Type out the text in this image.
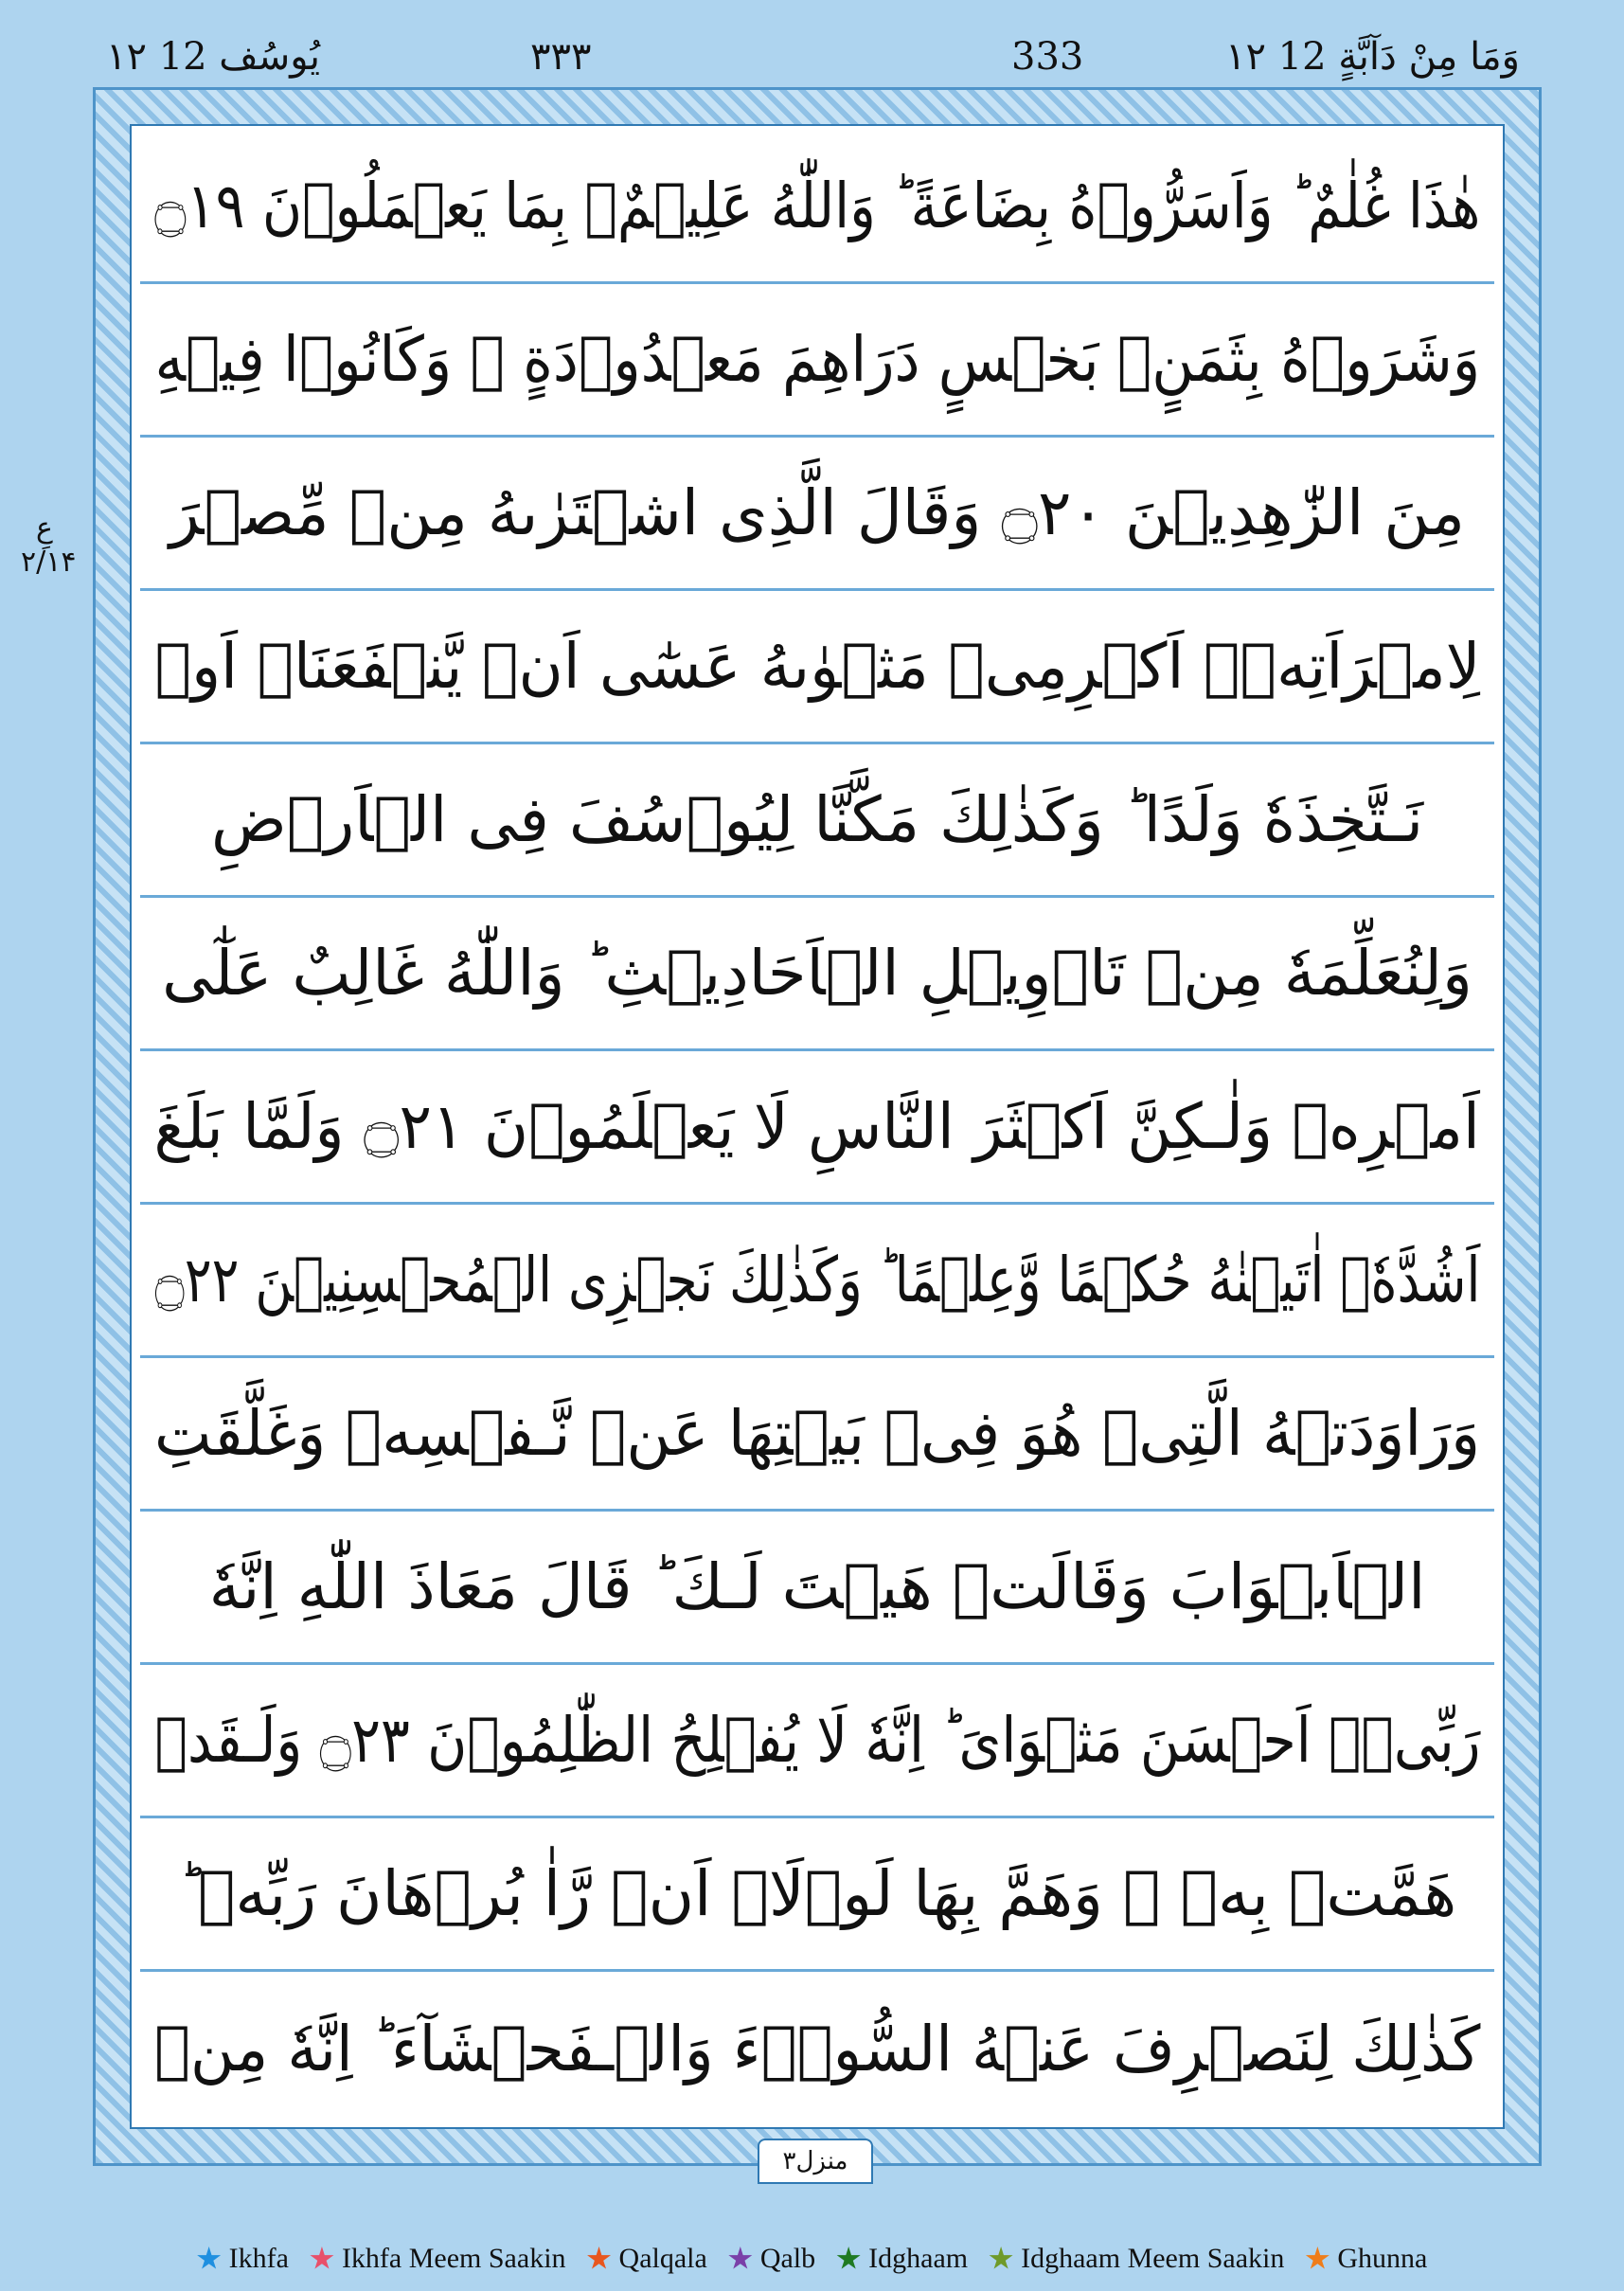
۱۲ یُوسُف 12	۳۳۳	333	۱۲ وَمَا مِنْ دَآبَّةٍ 12
عِ ۲/۱۴
هٰذَا غُلٰمٌ ؕ وَاَسَرُّوۡهُ بِضَاعَةً ؕ وَاللّٰهُ عَلِيۡمٌۢ بِمَا يَعۡمَلُوۡنَ ۝١٩
وَشَرَوۡهُ بِثَمَنٍۢ بَخۡسٍ دَرَاهِمَ مَعۡدُوۡدَةٍ ۚ وَكَانُوۡا فِيۡهِ
مِنَ الزّٰهِدِيۡنَ ۝٢٠ وَقَالَ الَّذِى اشۡتَرٰٮهُ مِنۡ مِّصۡرَ
لِامۡرَاَتِهٖۤ اَكۡرِمِىۡ مَثۡوٰٮهُ عَسٰٓى اَنۡ يَّنۡفَعَنَاۤ اَوۡ
نَـتَّخِذَهٗ وَلَدًا ؕ وَكَذٰلِكَ مَكَّنَّا لِيُوۡسُفَ فِى الۡاَرۡضِ
وَلِنُعَلِّمَهٗ مِنۡ تَاۡوِيۡلِ الۡاَحَادِيۡثِ ؕ وَاللّٰهُ غَالِبٌ عَلٰٓى
اَمۡرِهٖ وَلٰـكِنَّ اَكۡثَرَ النَّاسِ لَا يَعۡلَمُوۡنَ ۝٢١ وَلَمَّا بَلَغَ
اَشُدَّهٗۤ اٰتَيۡنٰهُ حُكۡمًا وَّعِلۡمًا ؕ وَكَذٰلِكَ نَجۡزِى الۡمُحۡسِنِيۡنَ ۝٢٢
وَرَاوَدَتۡهُ الَّتِىۡ هُوَ فِىۡ بَيۡتِهَا عَنۡ نَّـفۡسِهٖ وَغَلَّقَتِ
الۡاَبۡوَابَ وَقَالَتۡ هَيۡتَ لَـكَ ؕ قَالَ مَعَاذَ اللّٰهِ اِنَّهٗ
رَبِّىۡۤ اَحۡسَنَ مَثۡوَاىَ ؕ اِنَّهٗ لَا يُفۡلِحُ الظّٰلِمُوۡنَ ۝٢٣ وَلَـقَدۡ
هَمَّتۡ بِهٖ ۚ وَهَمَّ بِهَا لَوۡلَاۤ اَنۡ رَّاٰ بُرۡهَانَ رَبِّهٖ ؕ
كَذٰلِكَ لِنَصۡرِفَ عَنۡهُ السُّوۡۤءَ وَالۡـفَحۡشَآءَ ؕ اِنَّهٗ مِنۡ
منزل۳
Ikhfa Ikhfa Meem Saakin Qalqala Qalb Idghaam Idghaam Meem Saakin Ghunna
